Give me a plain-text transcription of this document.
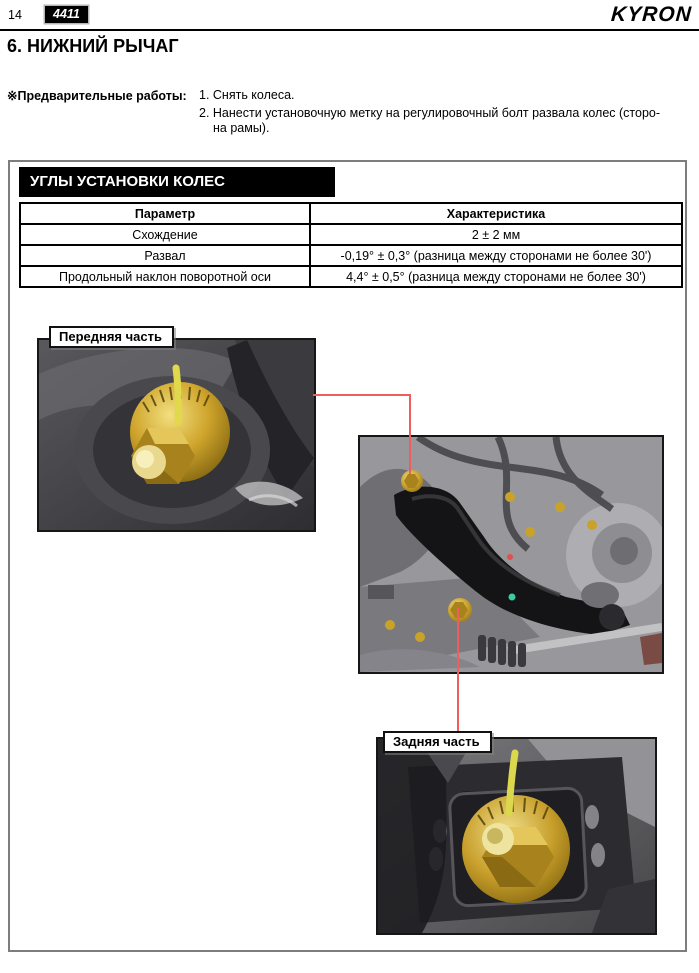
14	4411	KYRON
6. НИЖНИЙ РЫЧАГ
※Предварительные работы: 1. Снять колеса.
2. Нанести установочную метку на регулировочный болт развала колес (сторо-
на рамы).
УГЛЫ УСТАНОВКИ КОЛЕС
Параметр	Характеристика
Схождение	2 ± 2 мм
Развал	-0,19° ± 0,3° (разница между сторонами не более 30')
Продольный наклон поворотной оси	4,4° ± 0,5° (разница между сторонами не более 30')
Передняя часть
Задняя часть
